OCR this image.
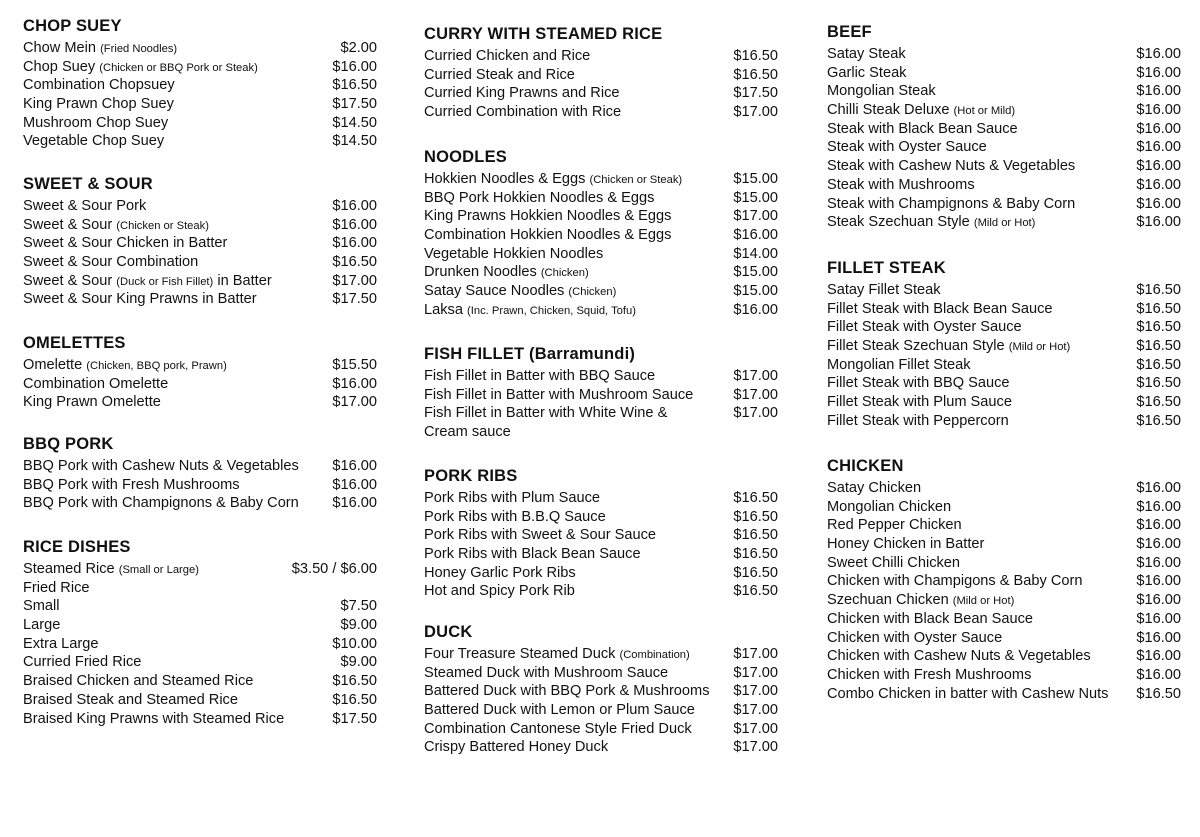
CHOP SUEY
Chow Mein (Fried Noodles)	$2.00
Chop Suey (Chicken or BBQ Pork or Steak)	$16.00
Combination Chopsuey	$16.50
King Prawn Chop Suey	$17.50
Mushroom Chop Suey	$14.50
Vegetable Chop Suey	$14.50
SWEET & SOUR
Sweet & Sour Pork	$16.00
Sweet & Sour (Chicken or Steak)	$16.00
Sweet & Sour Chicken in Batter	$16.00
Sweet & Sour Combination	$16.50
Sweet & Sour (Duck or Fish Fillet) in Batter	$17.00
Sweet & Sour King Prawns in Batter	$17.50
OMELETTES
Omelette (Chicken, BBQ pork, Prawn)	$15.50
Combination Omelette	$16.00
King Prawn Omelette	$17.00
BBQ PORK
BBQ Pork with Cashew Nuts & Vegetables	$16.00
BBQ Pork with Fresh Mushrooms	$16.00
BBQ Pork with Champignons & Baby Corn	$16.00
RICE DISHES
Steamed Rice (Small or Large)	$3.50 / $6.00
Fried Rice
Small	$7.50
Large	$9.00
Extra Large	$10.00
Curried Fried Rice	$9.00
Braised Chicken and Steamed Rice	$16.50
Braised Steak and Steamed Rice	$16.50
Braised King Prawns with Steamed Rice	$17.50
CURRY WITH STEAMED RICE
Curried Chicken and Rice	$16.50
Curried Steak and Rice	$16.50
Curried King Prawns and Rice	$17.50
Curried Combination with Rice	$17.00
NOODLES
Hokkien Noodles & Eggs (Chicken or Steak)	$15.00
BBQ Pork Hokkien Noodles & Eggs	$15.00
King Prawns Hokkien Noodles & Eggs	$17.00
Combination Hokkien Noodles & Eggs	$16.00
Vegetable Hokkien Noodles	$14.00
Drunken Noodles (Chicken)	$15.00
Satay Sauce Noodles (Chicken)	$15.00
Laksa (Inc. Prawn, Chicken, Squid, Tofu)	$16.00
FISH FILLET (Barramundi)
Fish Fillet in Batter with BBQ Sauce	$17.00
Fish Fillet in Batter with Mushroom Sauce	$17.00
Fish Fillet in Batter with White Wine & Cream sauce
$17.00
PORK RIBS
Pork Ribs with Plum Sauce	$16.50
Pork Ribs with B.B.Q Sauce	$16.50
Pork Ribs with Sweet & Sour Sauce	$16.50
Pork Ribs with Black Bean Sauce	$16.50
Honey Garlic Pork Ribs	$16.50
Hot and Spicy Pork Rib	$16.50
DUCK
Four Treasure Steamed Duck (Combination)	$17.00
Steamed Duck with Mushroom Sauce	$17.00
Battered Duck with BBQ Pork & Mushrooms	$17.00
Battered Duck with Lemon or Plum Sauce	$17.00
Combination Cantonese Style Fried Duck	$17.00
Crispy Battered Honey Duck	$17.00
BEEF
Satay Steak	$16.00
Garlic Steak	$16.00
Mongolian Steak	$16.00
Chilli Steak Deluxe (Hot or Mild)	$16.00
Steak with Black Bean Sauce	$16.00
Steak with Oyster Sauce	$16.00
Steak with Cashew Nuts & Vegetables	$16.00
Steak with Mushrooms	$16.00
Steak with Champignons & Baby Corn	$16.00
Steak Szechuan Style (Mild or Hot)	$16.00
FILLET STEAK
Satay Fillet Steak	$16.50
Fillet Steak with Black Bean Sauce	$16.50
Fillet Steak with Oyster Sauce	$16.50
Fillet Steak Szechuan Style (Mild or Hot)	$16.50
Mongolian Fillet Steak	$16.50
Fillet Steak with BBQ Sauce	$16.50
Fillet Steak with Plum Sauce	$16.50
Fillet Steak with Peppercorn	$16.50
CHICKEN
Satay Chicken	$16.00
Mongolian Chicken	$16.00
Red Pepper Chicken	$16.00
Honey Chicken in Batter	$16.00
Sweet Chilli Chicken	$16.00
Chicken with Champigons & Baby Corn	$16.00
Szechuan Chicken (Mild or Hot)	$16.00
Chicken with Black Bean Sauce	$16.00
Chicken with Oyster Sauce	$16.00
Chicken with Cashew Nuts & Vegetables	$16.00
Chicken with Fresh Mushrooms	$16.00
Combo Chicken in batter with Cashew Nuts	$16.50
